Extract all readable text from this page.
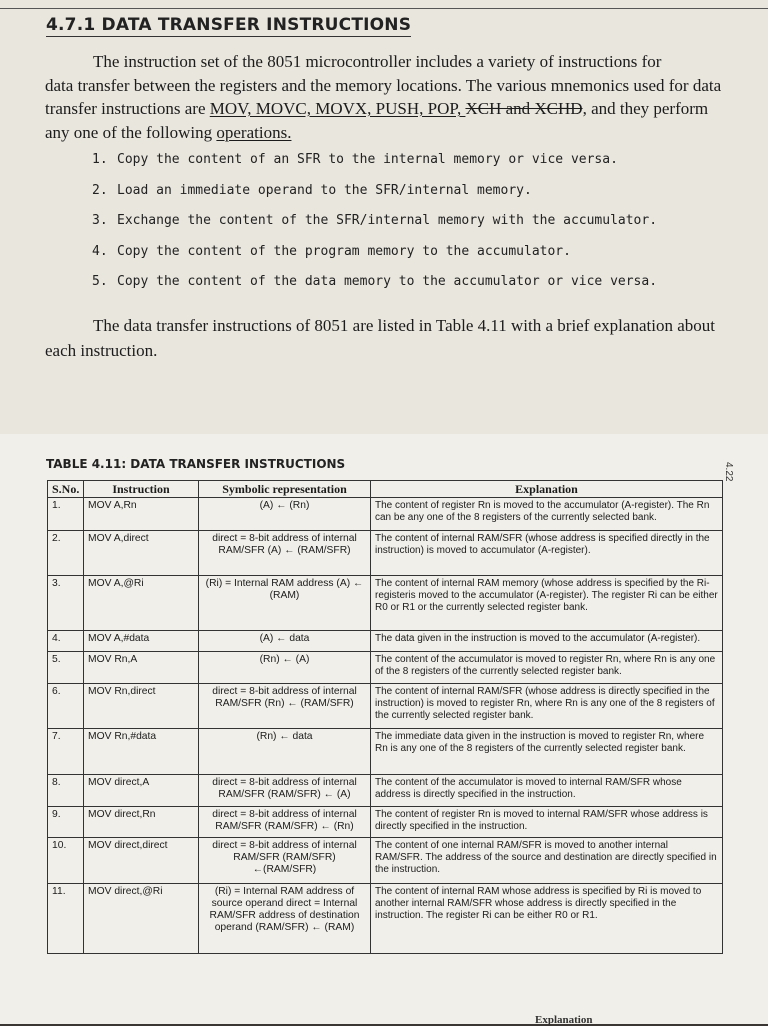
4.7.1 DATA TRANSFER INSTRUCTIONS

The instruction set of the 8051 microcontroller includes a variety of instructions for

data transfer between the registers and the memory locations. The various mnemonics used for data

transfer instructions are MOV, MOVC, MOVX, PUSH, POP, XCH and XCHD, and they perform

any one of the following operations.

1. Copy the content of an SFR to the internal memory or vice versa.
2. Load an immediate operand to the SFR/internal memory.
3. Exchange the content of the SFR/internal memory with the accumulator.
4. Copy the content of the program memory to the accumulator.
5. Copy the content of the data memory to the accumulator or vice versa.

The data transfer instructions of 8051 are listed in Table 4.11 with a brief explanation about

each instruction.

TABLE 4.11: DATA TRANSFER INSTRUCTIONS	4.22
S.No.	Instruction	Symbolic representation	Explanation
1.	MOV A,Rn	(A) ← (Rn)	The content of register Rn is moved to the accumulator (A-register). The Rn can be any one of the 8 registers of the currently selected bank.
2.	MOV A,direct	direct = 8-bit address of internal RAM/SFR (A) ← (RAM/SFR)	The content of internal RAM/SFR (whose address is specified directly in the instruction) is moved to accumulator (A-register).
3.	MOV A,@Ri	(Ri) = Internal RAM address (A) ← (RAM)	The content of internal RAM memory (whose address is specified by the Ri-registeris moved to the accumulator (A-register). The register Ri can be either R0 or R1 or the currently selected register bank.
4.	MOV A,#data	(A) ← data	The data given in the instruction is moved to the accumulator (A-register).
5.	MOV Rn,A	(Rn) ← (A)	The content of the accumulator is moved to register Rn, where Rn is any one of the 8 registers of the currently selected register bank.
6.	MOV Rn,direct	direct = 8-bit address of internal RAM/SFR (Rn) ← (RAM/SFR)	The content of internal RAM/SFR (whose address is directly specified in the instruction) is moved to register Rn, where Rn is any one of the 8 registers of the currently selected register bank.
7.	MOV Rn,#data	(Rn) ← data	The immediate data given in the instruction is moved to register Rn, where Rn is any one of the 8 registers of the currently selected register bank.
8.	MOV direct,A	direct = 8-bit address of internal RAM/SFR (RAM/SFR) ← (A)	The content of the accumulator is moved to internal RAM/SFR whose address is directly specified in the instruction.
9.	MOV direct,Rn	direct = 8-bit address of internal RAM/SFR (RAM/SFR) ← (Rn)	The content of register Rn is moved to internal RAM/SFR whose address is directly specified in the instruction.
10.	MOV direct,direct	direct = 8-bit address of internal RAM/SFR (RAM/SFR) ←(RAM/SFR)	The content of one internal RAM/SFR is moved to another internal RAM/SFR. The address of the source and destination are directly specified in the instruction.
11.	MOV direct,@Ri	(Ri) = Internal RAM address of source operand direct = Internal RAM/SFR address of destination operand (RAM/SFR) ← (RAM)	The content of internal RAM whose address is specified by Ri is moved to another internal RAM/SFR whose address is directly specified in the instruction. The register Ri can be either R0 or R1.
Explanation
